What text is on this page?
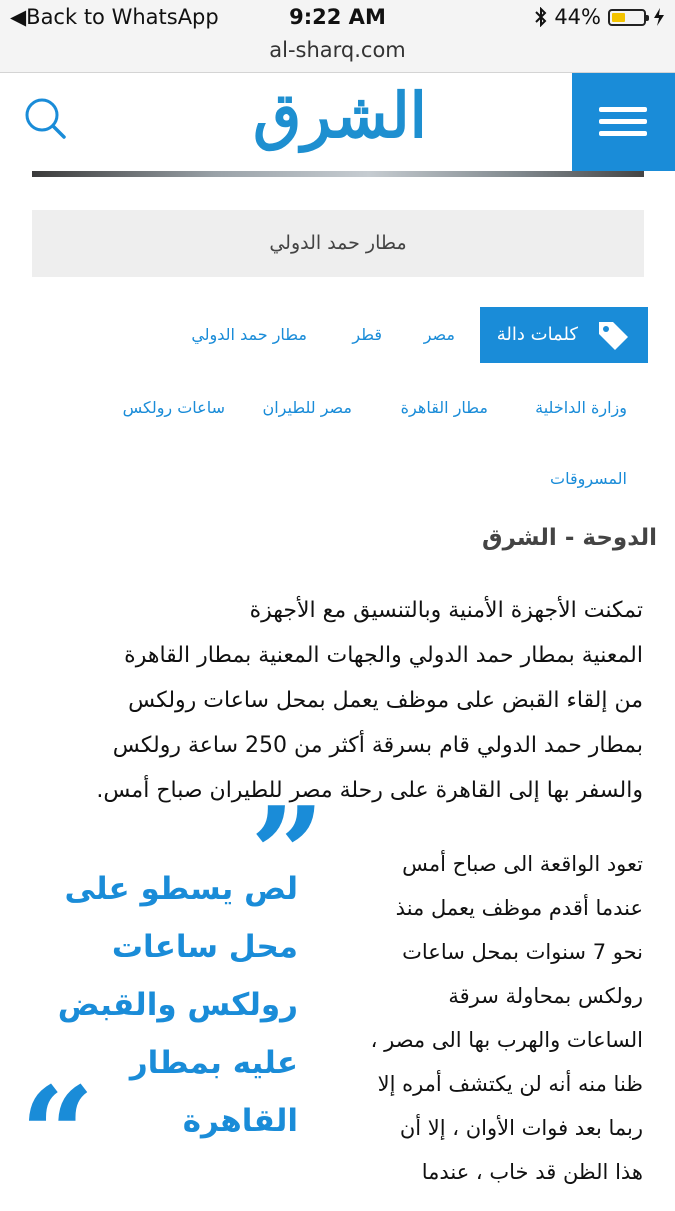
◀Back to WhatsApp	9:22 AM	44%
al-sharq.com
الشرق
مطار حمد الدولي
كلمات دالة
مصر
قطر
مطار حمد الدولي
وزارة الداخلية
مطار القاهرة
مصر للطيران
ساعات رولكس
المسروقات
الدوحة - الشرق
تمكنت الأجهزة الأمنية وبالتنسيق مع الأجهزة
المعنية بمطار حمد الدولي والجهات المعنية بمطار القاهرة
من إلقاء القبض على موظف يعمل بمحل ساعات رولكس
بمطار حمد الدولي قام بسرقة أكثر من 250 ساعة رولكس
والسفر بها إلى القاهرة على رحلة مصر للطيران صباح أمس.
”
“
لص يسطو على
محل ساعات
رولكس والقبض
عليه بمطار
القاهرة
تعود الواقعة الى صباح أمس
عندما أقدم موظف يعمل منذ
نحو 7 سنوات بمحل ساعات
رولكس بمحاولة سرقة
الساعات والهرب بها الى مصر ،
ظنا منه أنه لن يكتشف أمره إلا
ربما بعد فوات الأوان ، إلا أن
هذا الظن قد خاب ، عندما
